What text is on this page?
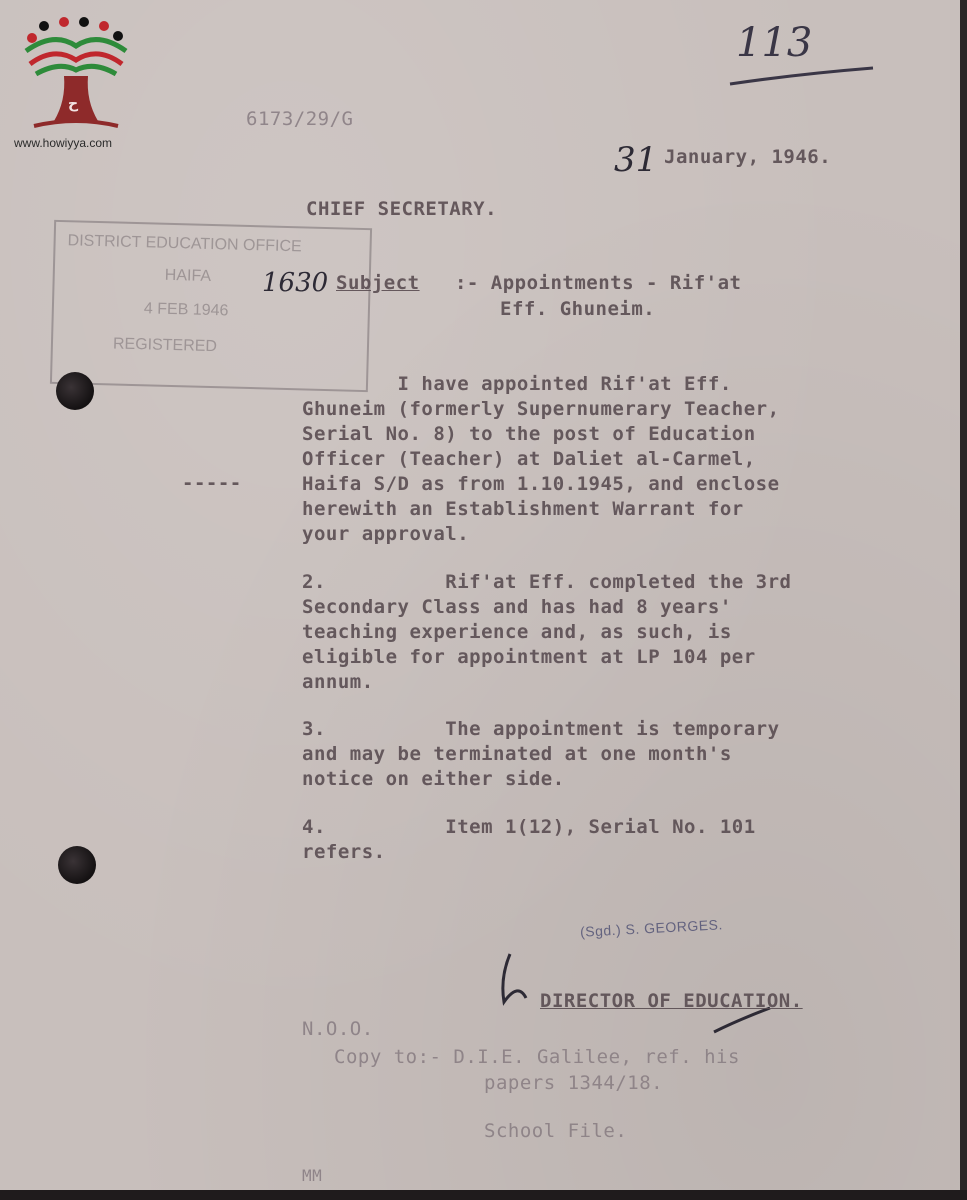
ح
www.howiyya.com
113
6173/29/G
31 January, 1946.
CHIEF SECRETARY.
DISTRICT EDUCATION OFFICE
HAIFA
4 FEB 1946
REGISTERED
1630 Subject :- Appointments - Rif'at
Eff. Ghuneim.
-----
I have appointed Rif'at Eff.
Ghuneim (formerly Supernumerary Teacher,
Serial No. 8) to the post of Education
Officer (Teacher) at Daliet al-Carmel,
Haifa S/D as from 1.10.1945, and enclose
herewith an Establishment Warrant for
your approval.
2.          Rif'at Eff. completed the 3rd
Secondary Class and has had 8 years'
teaching experience and, as such, is
eligible for appointment at LP 104 per
annum.
3.          The appointment is temporary
and may be terminated at one month's
notice on either side.
4.          Item 1(12), Serial No. 101
refers.
(Sgd.) S. GEORGES.
DIRECTOR OF EDUCATION.
N.O.O.
Copy to:- D.I.E. Galilee, ref. his
papers 1344/18.
School File.
MM
